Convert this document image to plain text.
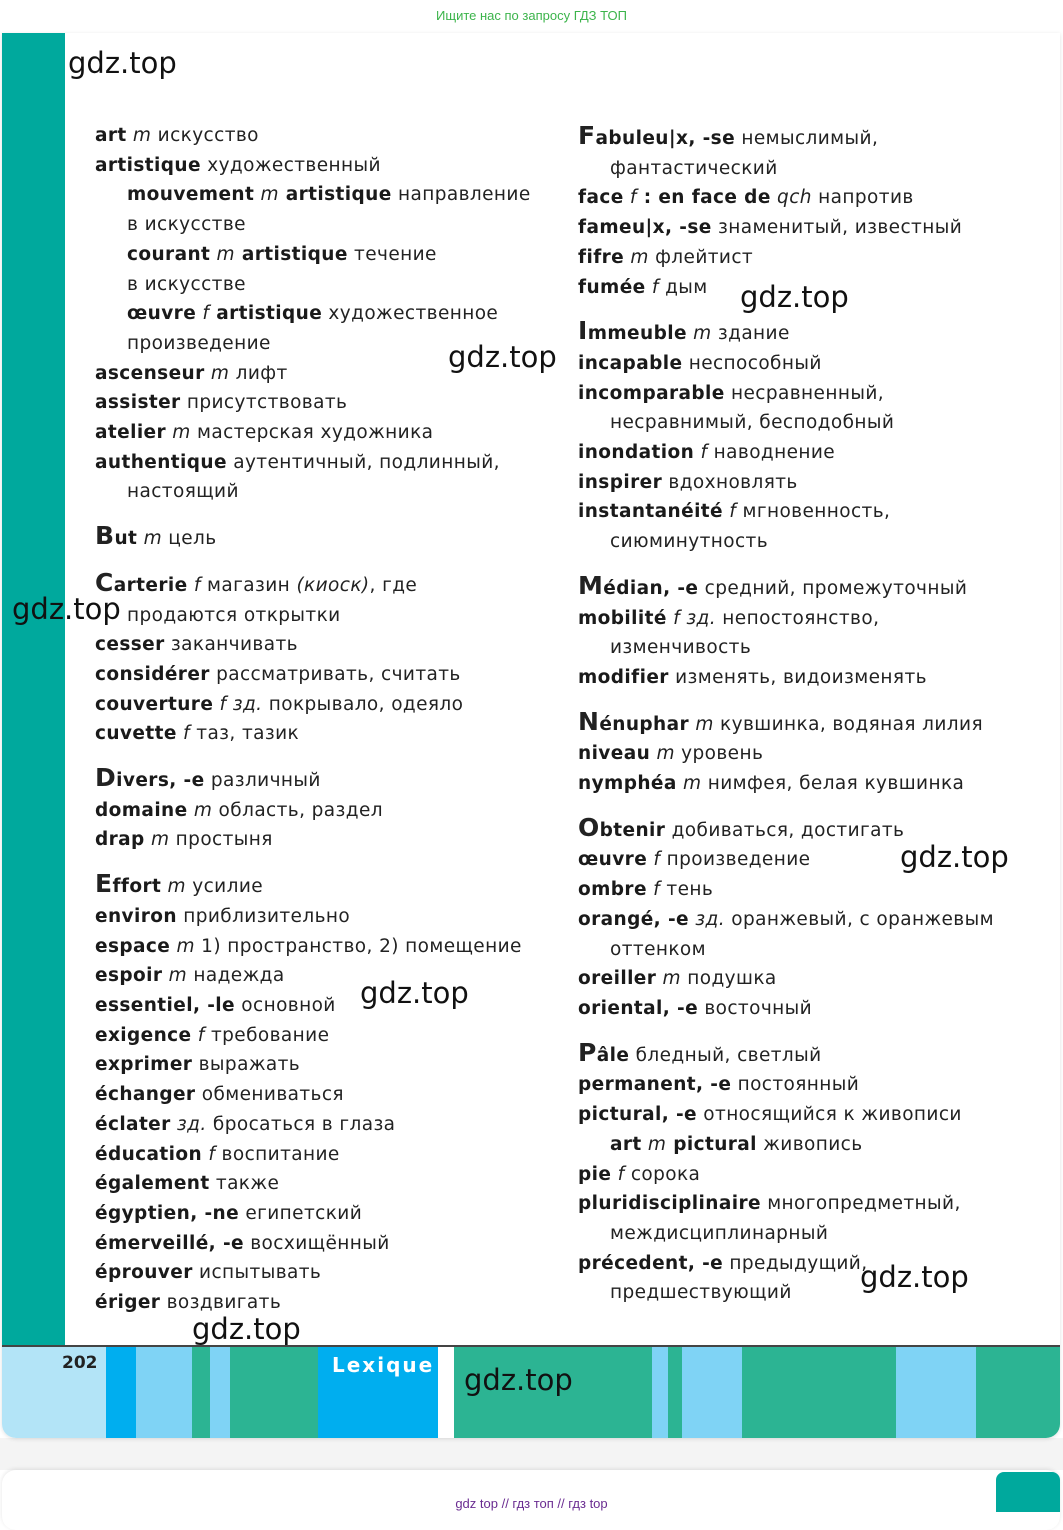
Ищите нас по запросу ГДЗ ТОП
art m искусство
artistique художественный
mouvement m artistique направление
в искусстве
courant m artistique течение
в искусстве
œuvre f artistique художественное
произведение
ascenseur m лифт
assister присутствовать
atelier m мастерская художника
authentique аутентичный, подлинный,
настоящий
But m цель
Carterie f магазин (киоск), где
продаются открытки
cesser заканчивать
considérer рассматривать, считать
couverture f зд. покрывало, одеяло
cuvette f таз, тазик
Divers, -e различный
domaine m область, раздел
drap m простыня
Effort m усилие
environ приблизительно
espace m 1) пространство, 2) помещение
espoir m надежда
essentiel, -le основной
exigence f требование
exprimer выражать
échanger обмениваться
éclater зд. бросаться в глаза
éducation f воспитание
également также
égyptien, -ne египетский
émerveillé, -e восхищённый
éprouver испытывать
ériger воздвигать
Fabuleu|x, -se немыслимый,
фантастический
face f : en face de qch напротив
fameu|x, -se знаменитый, известный
fifre m флейтист
fumée f дым
Immeuble m здание
incapable неспособный
incomparable несравненный,
несравнимый, бесподобный
inondation f наводнение
inspirer вдохновлять
instantanéité f мгновенность,
сиюминутность
Médian, -e средний, промежуточный
mobilité f зд. непостоянство,
изменчивость
modifier изменять, видоизменять
Nénuphar m кувшинка, водяная лилия
niveau m уровень
nymphéa m нимфея, белая кувшинка
Obtenir добиваться, достигать
œuvre f произведение
ombre f тень
orangé, -e зд. оранжевый, с оранжевым
оттенком
oreiller m подушка
oriental, -e восточный
Pâle бледный, светлый
permanent, -e постоянный
pictural, -e относящийся к живописи
art m pictural живопись
pie f сорока
pluridisciplinaire многопредметный,
междисциплинарный
précedent, -e предыдущий,
предшествующий
202	Lexique
gdz.top
gdz.top
gdz.top
gdz.top
gdz.top
gdz.top
gdz.top
gdz.top
gdz.top
gdz top // гдз топ // гдз top
